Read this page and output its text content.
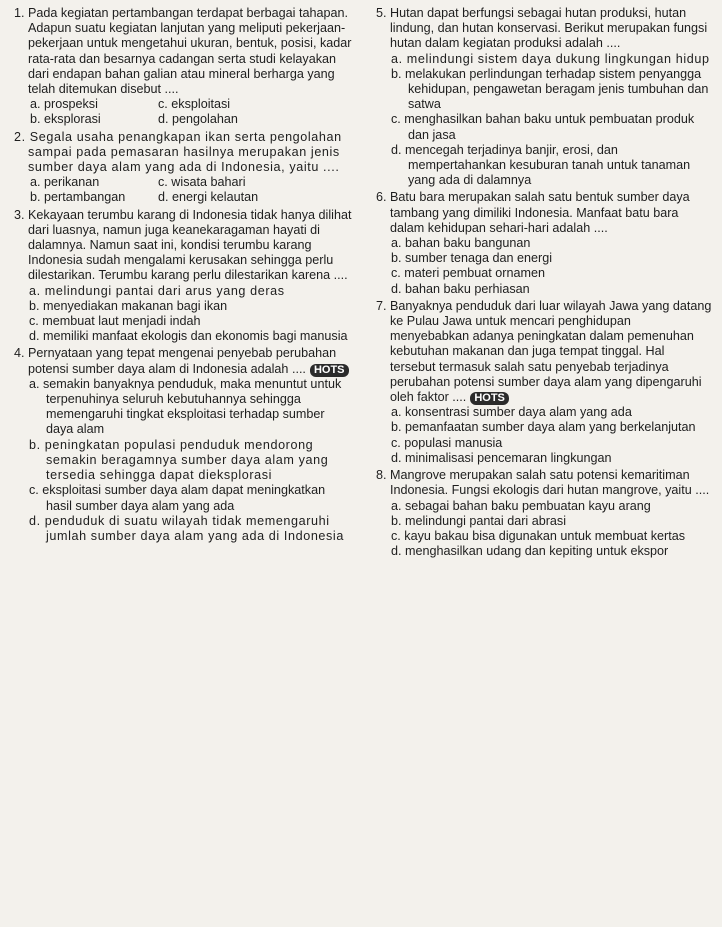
1. Pada kegiatan pertambangan terdapat berbagai tahapan. Adapun suatu kegiatan lanjutan yang meliputi pekerjaan-pekerjaan untuk mengetahui ukuran, bentuk, posisi, kadar rata-rata dan besarnya cadangan serta studi kelayakan dari endapan bahan galian atau mineral berharga yang telah ditemukan disebut ....
a. prospeksi	c. eksploitasi
b. eksplorasi	d. pengolahan
2. Segala usaha penangkapan ikan serta pengolahan sampai pada pemasaran hasilnya merupakan jenis sumber daya alam yang ada di Indonesia, yaitu ....
a. perikanan	c. wisata bahari
b. pertambangan	d. energi kelautan
3. Kekayaan terumbu karang di Indonesia tidak hanya dilihat dari luasnya, namun juga keanekaragaman hayati di dalamnya. Namun saat ini, kondisi terumbu karang Indonesia sudah mengalami kerusakan sehingga perlu dilestarikan. Terumbu karang perlu dilestarikan karena ....
a. melindungi pantai dari arus yang deras
b. menyediakan makanan bagi ikan
c. membuat laut menjadi indah
d. memiliki manfaat ekologis dan ekonomis bagi manusia
4. Pernyataan yang tepat mengenai penyebab perubahan potensi sumber daya alam di Indonesia adalah .... HOTS
a. semakin banyaknya penduduk, maka menuntut untuk terpenuhinya seluruh kebutuhannya sehingga memengaruhi tingkat eksploitasi terhadap sumber daya alam
b. peningkatan populasi penduduk mendorong semakin beragamnya sumber daya alam yang tersedia sehingga dapat dieksplorasi
c. eksploitasi sumber daya alam dapat meningkatkan hasil sumber daya alam yang ada
d. penduduk di suatu wilayah tidak memengaruhi jumlah sumber daya alam yang ada di Indonesia
5. Hutan dapat berfungsi sebagai hutan produksi, hutan lindung, dan hutan konservasi. Berikut merupakan fungsi hutan dalam kegiatan produksi adalah ....
a. melindungi sistem daya dukung lingkungan hidup
b. melakukan perlindungan terhadap sistem penyangga kehidupan, pengawetan beragam jenis tumbuhan dan satwa
c. menghasilkan bahan baku untuk pembuatan produk dan jasa
d. mencegah terjadinya banjir, erosi, dan mempertahankan kesuburan tanah untuk tanaman yang ada di dalamnya
6. Batu bara merupakan salah satu bentuk sumber daya tambang yang dimiliki Indonesia. Manfaat batu bara dalam kehidupan sehari-hari adalah ....
a. bahan baku bangunan
b. sumber tenaga dan energi
c. materi pembuat ornamen
d. bahan baku perhiasan
7. Banyaknya penduduk dari luar wilayah Jawa yang datang ke Pulau Jawa untuk mencari penghidupan menyebabkan adanya peningkatan dalam pemenuhan kebutuhan makanan dan juga tempat tinggal. Hal tersebut termasuk salah satu penyebab terjadinya perubahan potensi sumber daya alam yang dipengaruhi oleh faktor .... HOTS
a. konsentrasi sumber daya alam yang ada
b. pemanfaatan sumber daya alam yang berkelanjutan
c. populasi manusia
d. minimalisasi pencemaran lingkungan
8. Mangrove merupakan salah satu potensi kemaritiman Indonesia. Fungsi ekologis dari hutan mangrove, yaitu ....
a. sebagai bahan baku pembuatan kayu arang
b. melindungi pantai dari abrasi
c. kayu bakau bisa digunakan untuk membuat kertas
d. menghasilkan udang dan kepiting untuk ekspor
